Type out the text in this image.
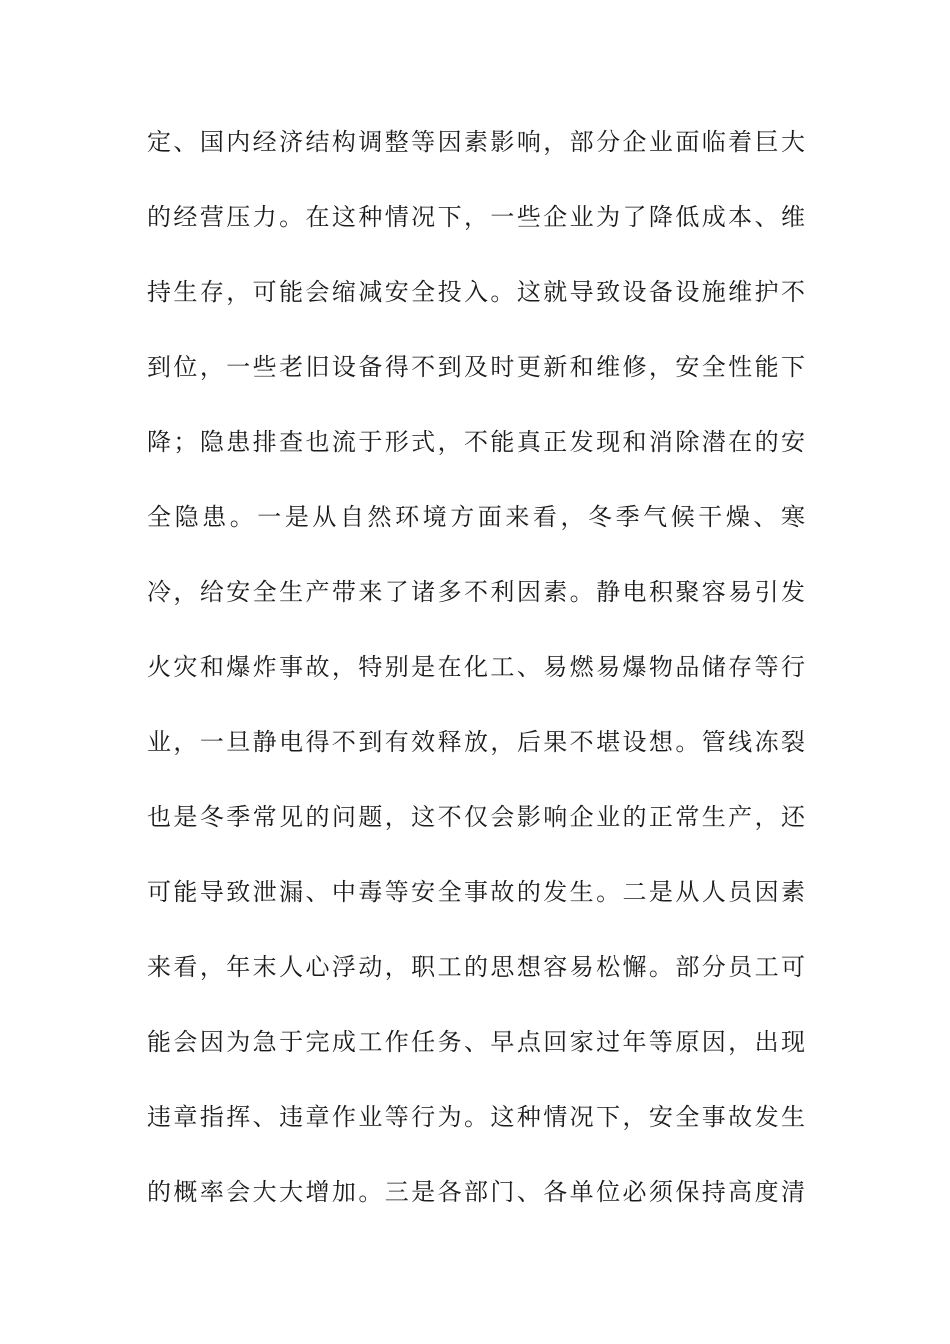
定、国内经济结构调整等因素影响，部分企业面临着巨大
的经营压力。在这种情况下，一些企业为了降低成本、维
持生存，可能会缩减安全投入。这就导致设备设施维护不
到位，一些老旧设备得不到及时更新和维修，安全性能下
降；隐患排查也流于形式，不能真正发现和消除潜在的安
全隐患。一是从自然环境方面来看，冬季气候干燥、寒
冷，给安全生产带来了诸多不利因素。静电积聚容易引发
火灾和爆炸事故，特别是在化工、易燃易爆物品储存等行
业，一旦静电得不到有效释放，后果不堪设想。管线冻裂
也是冬季常见的问题，这不仅会影响企业的正常生产，还
可能导致泄漏、中毒等安全事故的发生。二是从人员因素
来看，年末人心浮动，职工的思想容易松懈。部分员工可
能会因为急于完成工作任务、早点回家过年等原因，出现
违章指挥、违章作业等行为。这种情况下，安全事故发生
的概率会大大增加。三是各部门、各单位必须保持高度清
